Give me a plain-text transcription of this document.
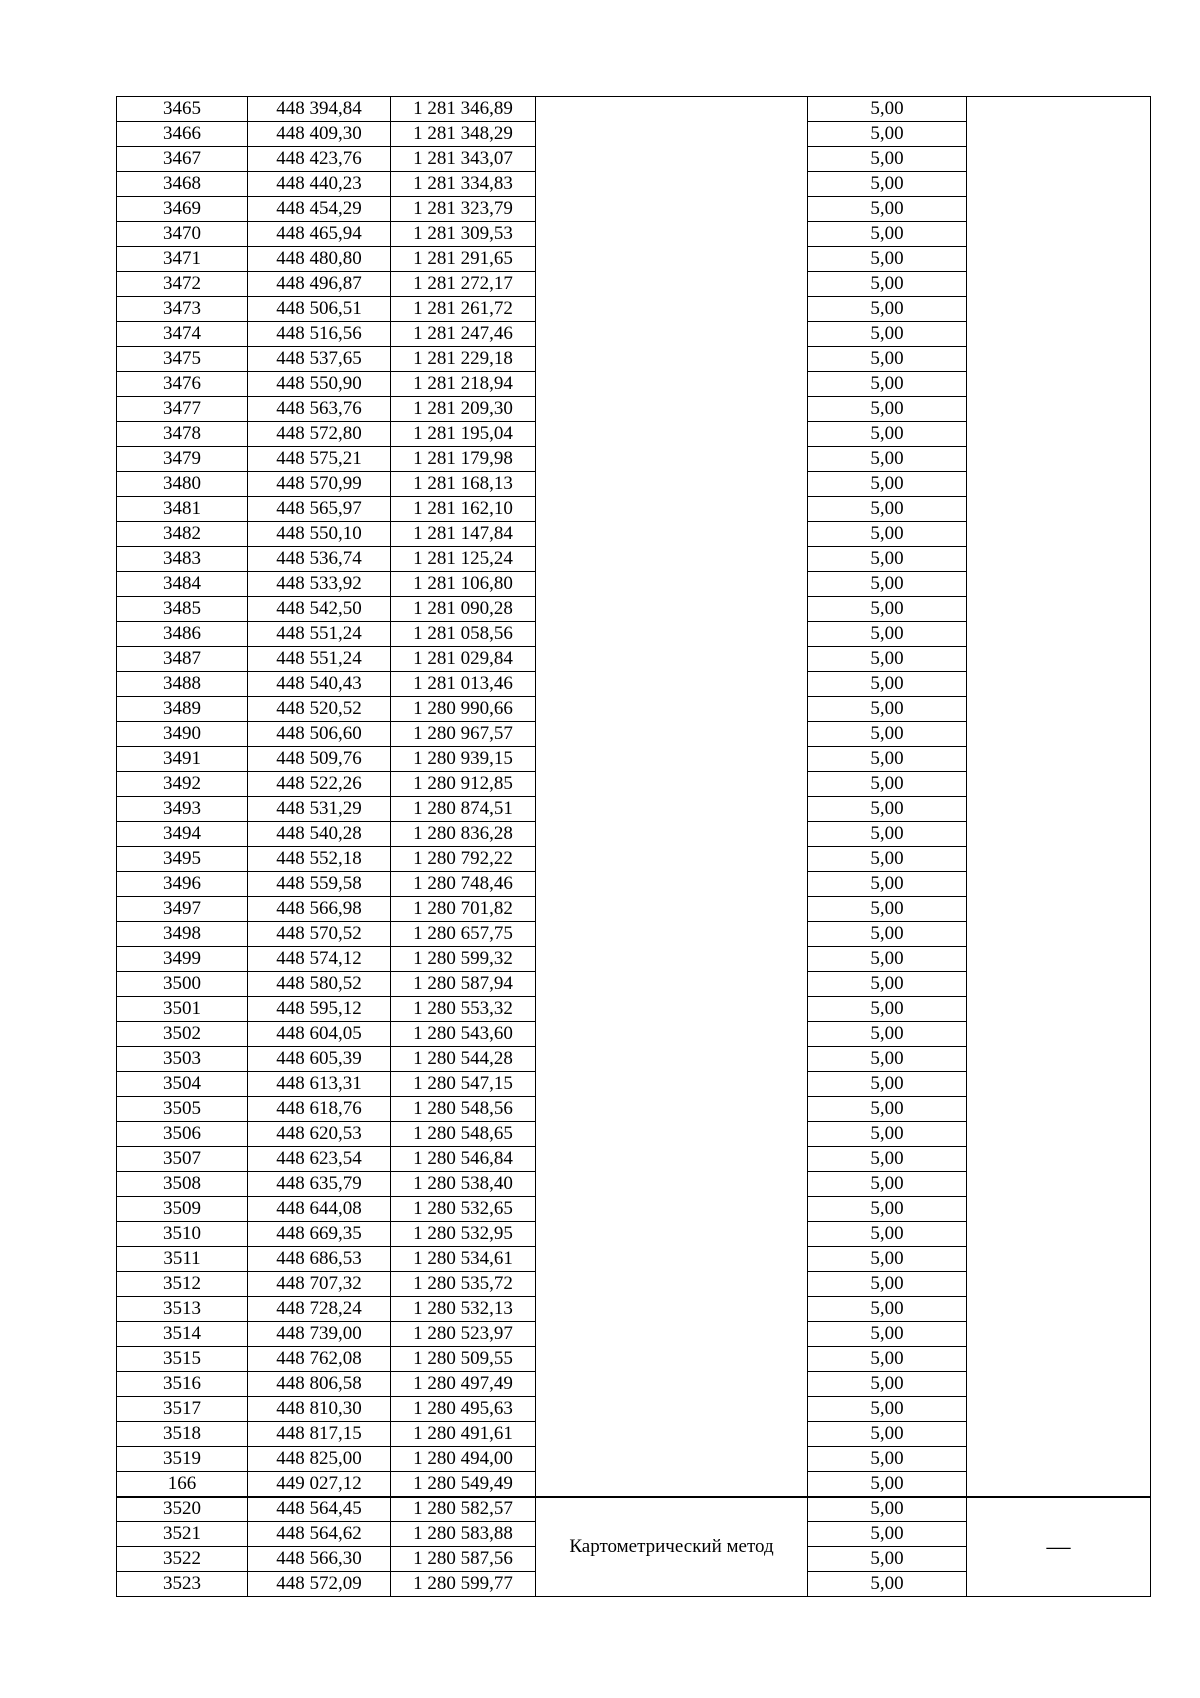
3465	448 394,84	1 281 346,89		5,00	
3466	448 409,30	1 281 348,29		5,00	
3467	448 423,76	1 281 343,07		5,00	
3468	448 440,23	1 281 334,83		5,00	
3469	448 454,29	1 281 323,79		5,00	
3470	448 465,94	1 281 309,53		5,00	
3471	448 480,80	1 281 291,65		5,00	
3472	448 496,87	1 281 272,17		5,00	
3473	448 506,51	1 281 261,72		5,00	
3474	448 516,56	1 281 247,46		5,00	
3475	448 537,65	1 281 229,18		5,00	
3476	448 550,90	1 281 218,94		5,00	
3477	448 563,76	1 281 209,30		5,00	
3478	448 572,80	1 281 195,04		5,00	
3479	448 575,21	1 281 179,98		5,00	
3480	448 570,99	1 281 168,13		5,00	
3481	448 565,97	1 281 162,10		5,00	
3482	448 550,10	1 281 147,84		5,00	
3483	448 536,74	1 281 125,24		5,00	
3484	448 533,92	1 281 106,80		5,00	
3485	448 542,50	1 281 090,28		5,00	
3486	448 551,24	1 281 058,56		5,00	
3487	448 551,24	1 281 029,84		5,00	
3488	448 540,43	1 281 013,46		5,00	
3489	448 520,52	1 280 990,66		5,00	
3490	448 506,60	1 280 967,57		5,00	
3491	448 509,76	1 280 939,15		5,00	
3492	448 522,26	1 280 912,85		5,00	
3493	448 531,29	1 280 874,51		5,00	
3494	448 540,28	1 280 836,28		5,00	
3495	448 552,18	1 280 792,22		5,00	
3496	448 559,58	1 280 748,46		5,00	
3497	448 566,98	1 280 701,82		5,00	
3498	448 570,52	1 280 657,75		5,00	
3499	448 574,12	1 280 599,32		5,00	
3500	448 580,52	1 280 587,94		5,00	
3501	448 595,12	1 280 553,32		5,00	
3502	448 604,05	1 280 543,60		5,00	
3503	448 605,39	1 280 544,28		5,00	
3504	448 613,31	1 280 547,15		5,00	
3505	448 618,76	1 280 548,56		5,00	
3506	448 620,53	1 280 548,65		5,00	
3507	448 623,54	1 280 546,84		5,00	
3508	448 635,79	1 280 538,40		5,00	
3509	448 644,08	1 280 532,65		5,00	
3510	448 669,35	1 280 532,95		5,00	
3511	448 686,53	1 280 534,61		5,00	
3512	448 707,32	1 280 535,72		5,00	
3513	448 728,24	1 280 532,13		5,00	
3514	448 739,00	1 280 523,97		5,00	
3515	448 762,08	1 280 509,55		5,00	
3516	448 806,58	1 280 497,49		5,00	
3517	448 810,30	1 280 495,63		5,00	
3518	448 817,15	1 280 491,61		5,00	
3519	448 825,00	1 280 494,00		5,00	
166	449 027,12	1 280 549,49		5,00	
3520	448 564,45	1 280 582,57	Картометрический метод	5,00	—
3521	448 564,62	1 280 583,88		5,00	
3522	448 566,30	1 280 587,56		5,00	
3523	448 572,09	1 280 599,77		5,00	
